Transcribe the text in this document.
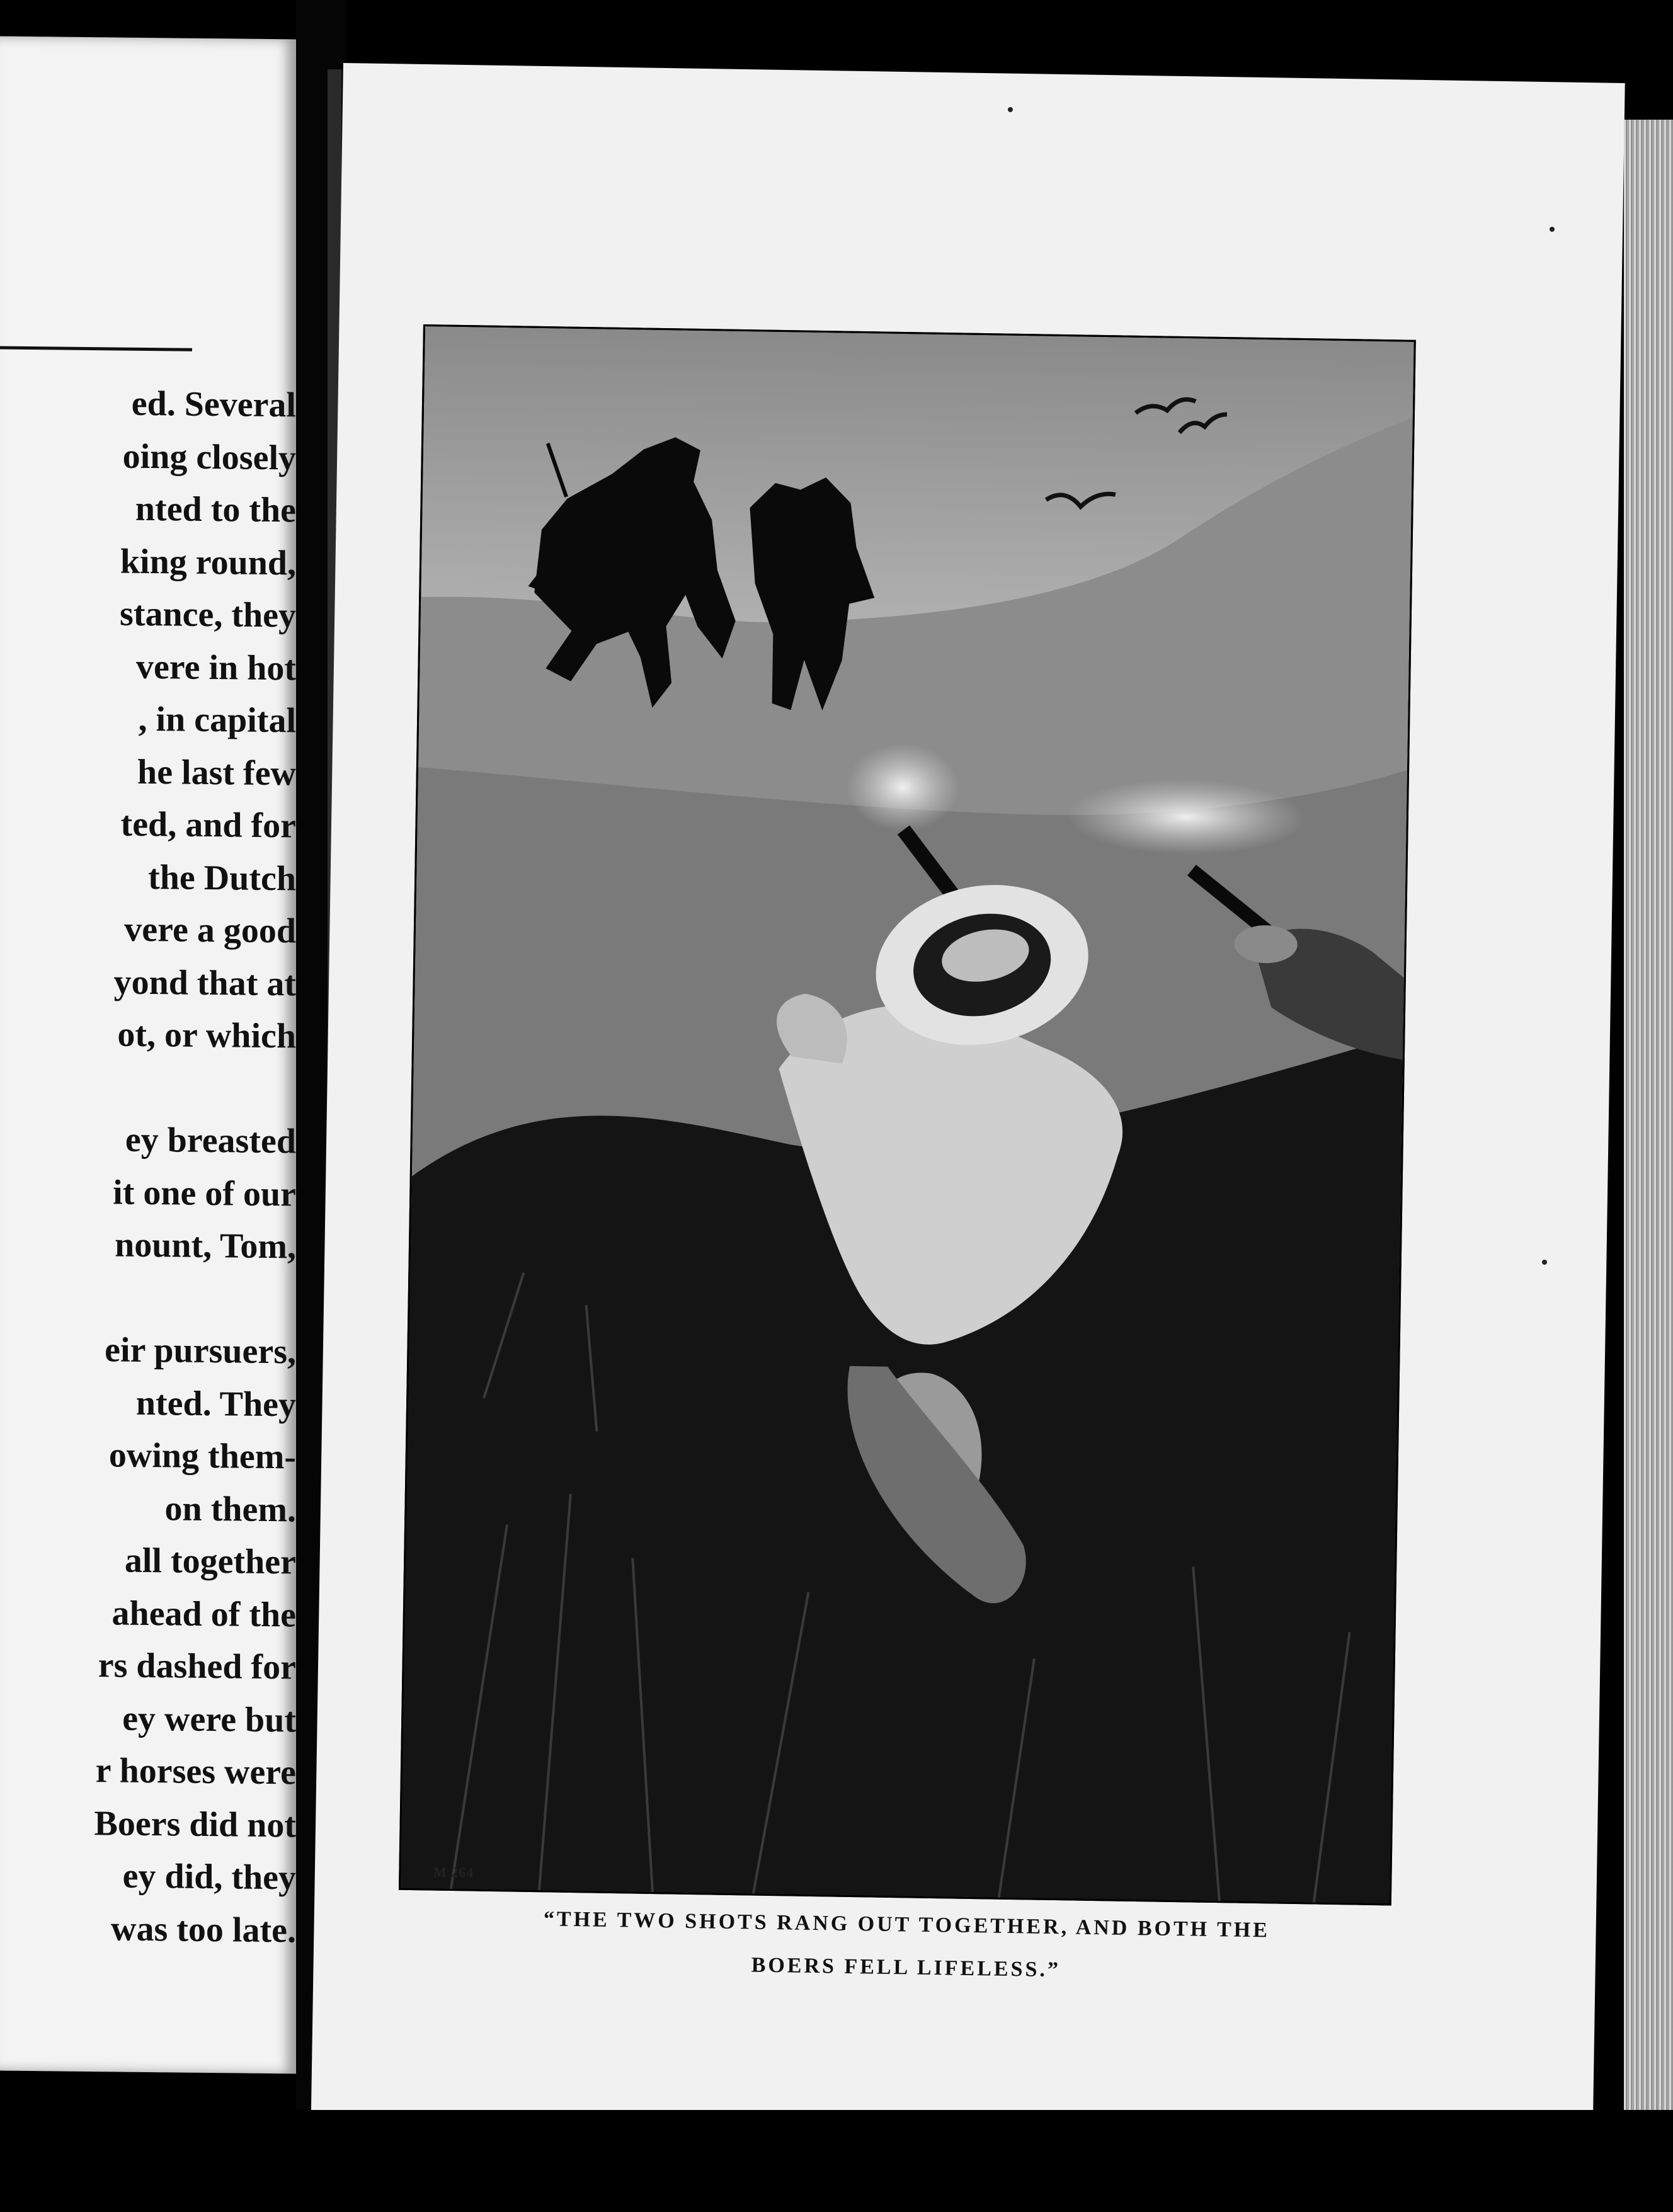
ed. Several
oing closely
nted to the
king round,
stance, they
vere in hot
, in capital
he last few
ted, and for
the Dutch
vere a good
yond that at
ot, or which
ey breasted
it one of our
nount, Tom,
eir pursuers,
nted. They
owing them-
on them.
all together
ahead of the
rs dashed for
ey were but
r horses were
Boers did not
ey did, they
was too late.
M 264
“THE TWO SHOTS RANG OUT TOGETHER, AND BOTH THE
BOERS FELL LIFELESS.”
